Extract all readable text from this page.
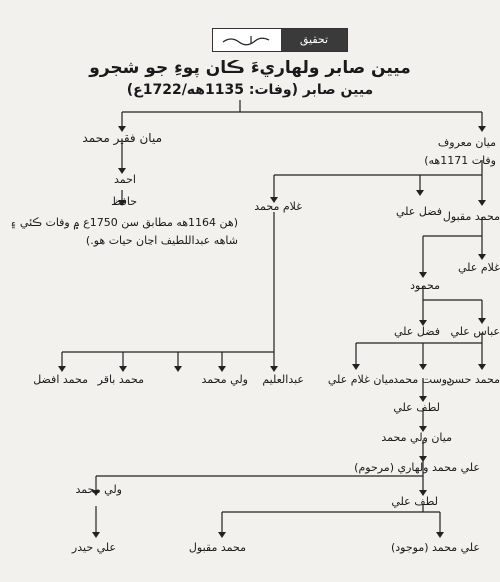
تحقيق
ميين صابر ولهاريءَ ڪان پوءِ جو شجرو
ميين صابر (وفات: 1135هه/1722ع)
ميان فقير محمد
احمد
حافظ
(هن 1164هه مطابق سن 1750ع ۾ وفات ڪئي ۽
شاهه عبداللطيف اڃان حيات هو.)
ميان معروف
وفات 1171هه)
غلام محمد	فضل علي محمد مقبول
غلام علي
محمود
عباس علي
فضل علي
محمد افضل محمد باقر	ولي محمد عبدالعليم ميان غلام علي دوست محمد
محمد حسن
لطف علي
ميان ولي محمد
علي محمد ولهاري (مرحوم)
ولي محمد
لطف علي
علي حيدر	محمد مقبول	علي محمد (موجود)
